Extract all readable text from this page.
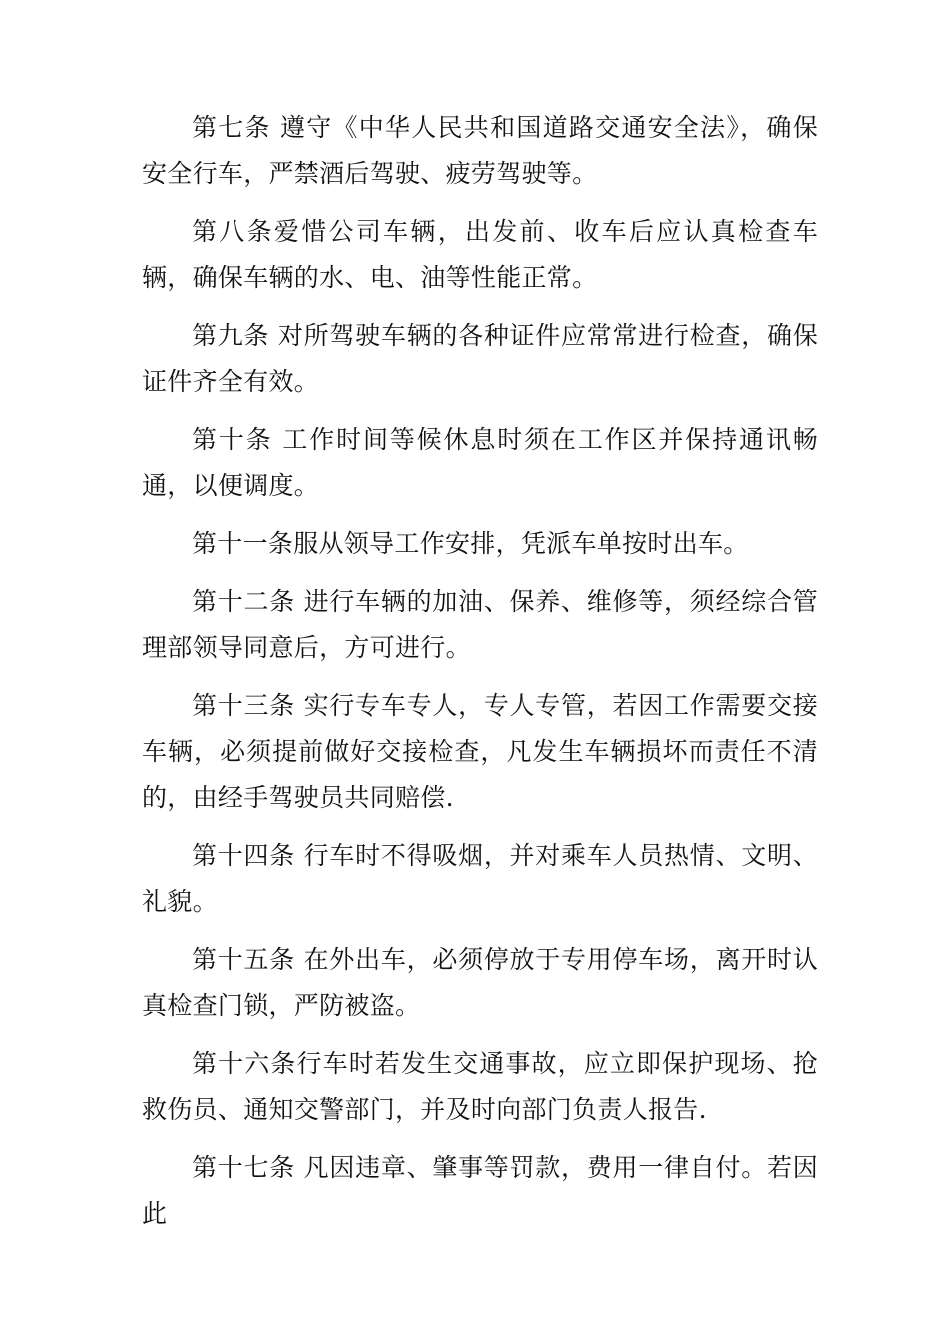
第七条 遵守《中华人民共和国道路交通安全法》，确保安全行车，严禁酒后驾驶、疲劳驾驶等。

第八条爱惜公司车辆，出发前、收车后应认真检查车辆，确保车辆的水、电、油等性能正常。

第九条 对所驾驶车辆的各种证件应常常进行检查，确保证件齐全有效。

第十条 工作时间等候休息时须在工作区并保持通讯畅通，以便调度。

第十一条服从领导工作安排，凭派车单按时出车。

第十二条 进行车辆的加油、保养、维修等，须经综合管理部领导同意后，方可进行。

第十三条 实行专车专人，专人专管，若因工作需要交接车辆，必须提前做好交接检查，凡发生车辆损坏而责任不清的，由经手驾驶员共同赔偿.

第十四条 行车时不得吸烟，并对乘车人员热情、文明、礼貌。

第十五条 在外出车，必须停放于专用停车场，离开时认真检查门锁，严防被盗。

第十六条行车时若发生交通事故，应立即保护现场、抢救伤员、通知交警部门，并及时向部门负责人报告.

第十七条 凡因违章、肇事等罚款，费用一律自付。若因此
